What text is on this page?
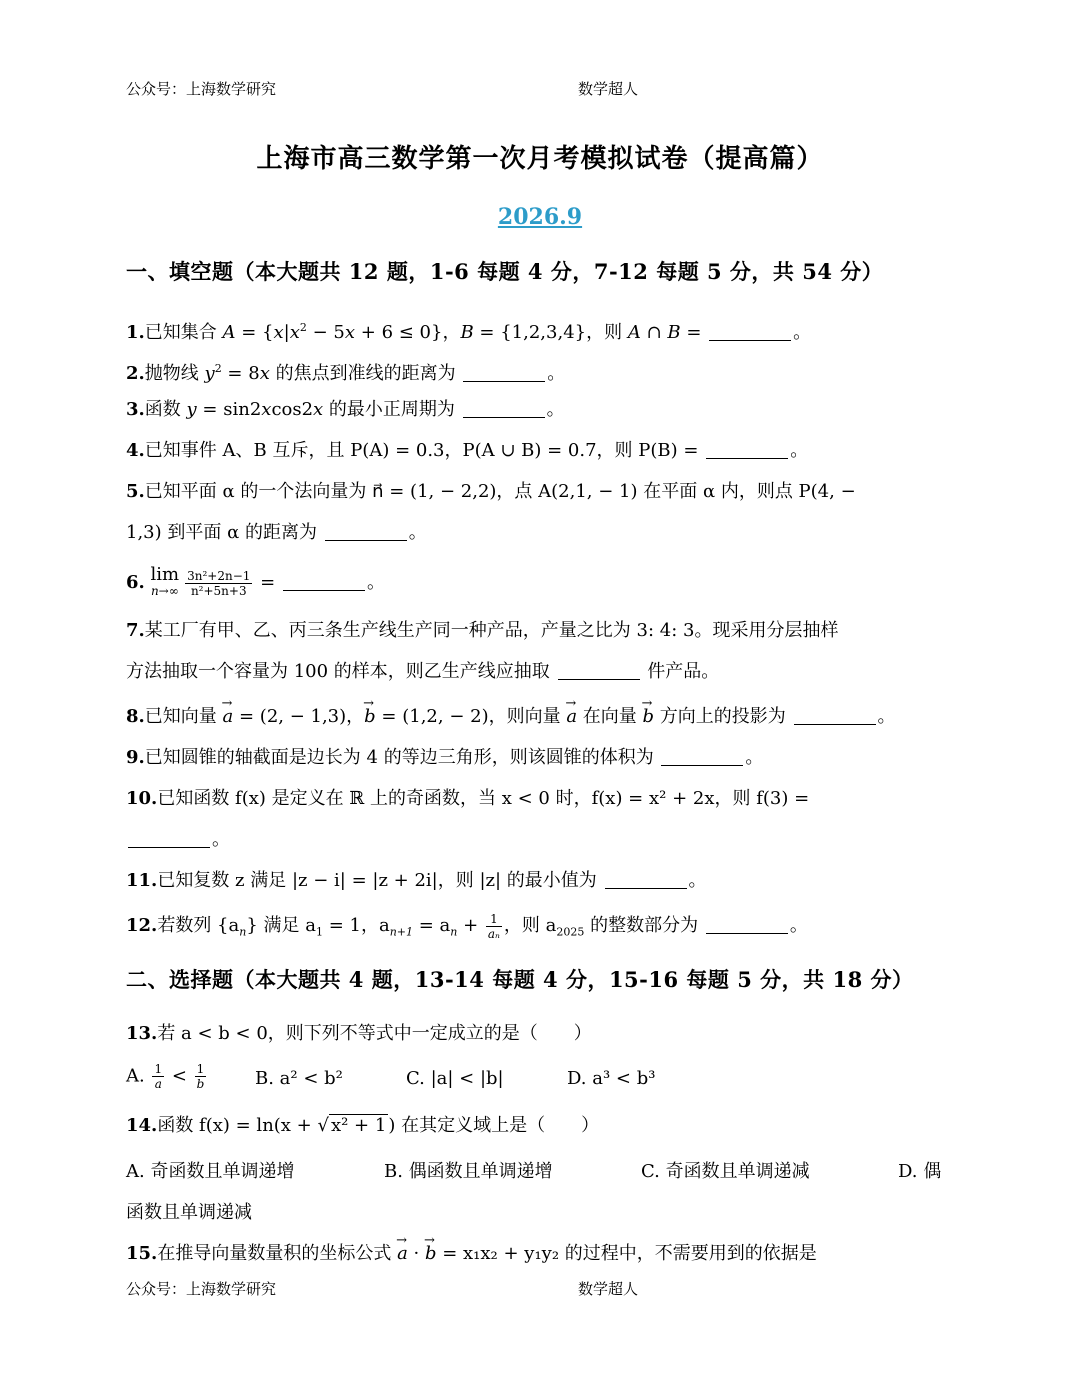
公众号：上海数学研究	数学超人
上海市高三数学第一次月考模拟试卷（提高篇）
2026.9
一、填空题（本大题共 12 题，1-6 每题 4 分，7-12 每题 5 分，共 54 分）
1.已知集合 $A = \{x|x^2 - 5x + 6 \le 0\}$，B = {1,2,3,4}，则 A ∩ B =	。
2.抛物线 $y^2 = 8x$ 的焦点到准线的距离为	。
3.函数 y = sin2xcos2x 的最小正周期为	。
4.已知事件 A、B 互斥，且 P(A) = 0.3，P(A ∪ B) = 0.7，则 P(B) =	。
5.已知平面 α 的一个法向量为 n⃗ = (1, − 2,2)，点 A(2,1, − 1) 在平面 α 内，则点 P(4, −
1,3) 到平面 α 的距离为	。
6. lim
$n\to\infty \frac{\text{3n²+2n−1}}{\text{n²+5n+3}}$ =	。
7.某工厂有甲、乙、丙三条生产线生产同一种产品，产量之比为 3: 4: 3。现采用分层抽样
方法抽取一个容量为 100 的样本，则乙生产线应抽取	件产品。
8.已知向量 → a = (2, − 1,3)，→ b = (1,2, − 2)，则向量 → a 在向量 → b 方向上的投影为	。
9.已知圆锥的轴截面是边长为 4 的等边三角形，则该圆锥的体积为	。
10.已知函数 f(x) 是定义在 ℝ 上的奇函数，当 x < 0 时，f(x) = x² + 2x，则 f(3) =
。
11.已知复数 z 满足 |z − i| = |z + 2i|，则 |z| 的最小值为	。
12.若数列 $\{a_n\}$ 满足 $a_1 = 1$，$a_{n+1} = a_n + \frac{1}{\text{aₙ}}$ ，则 $a_{2025}$ 的整数部分为	。
二、选择题（本大题共 4 题，13-14 每题 4 分，15-16 每题 5 分，共 18 分）
13.若 a < b < 0，则下列不等式中一定成立的是（　　）
A. $\frac{1}{a} < \frac{1}{b}$	B. a² < b²	C. |a| < |b|	D. a³ < b³
14.函数 f(x) = ln(x + √ x² + 1 ) 在其定义域上是（　　）
A. 奇函数且单调递增	B. 偶函数且单调递增	C. 奇函数且单调递减	D. 偶
函数且单调递减
15.在推导向量数量积的坐标公式 → a · → b = x₁x₂ + y₁y₂ 的过程中，不需要用到的依据是
公众号：上海数学研究	数学超人
